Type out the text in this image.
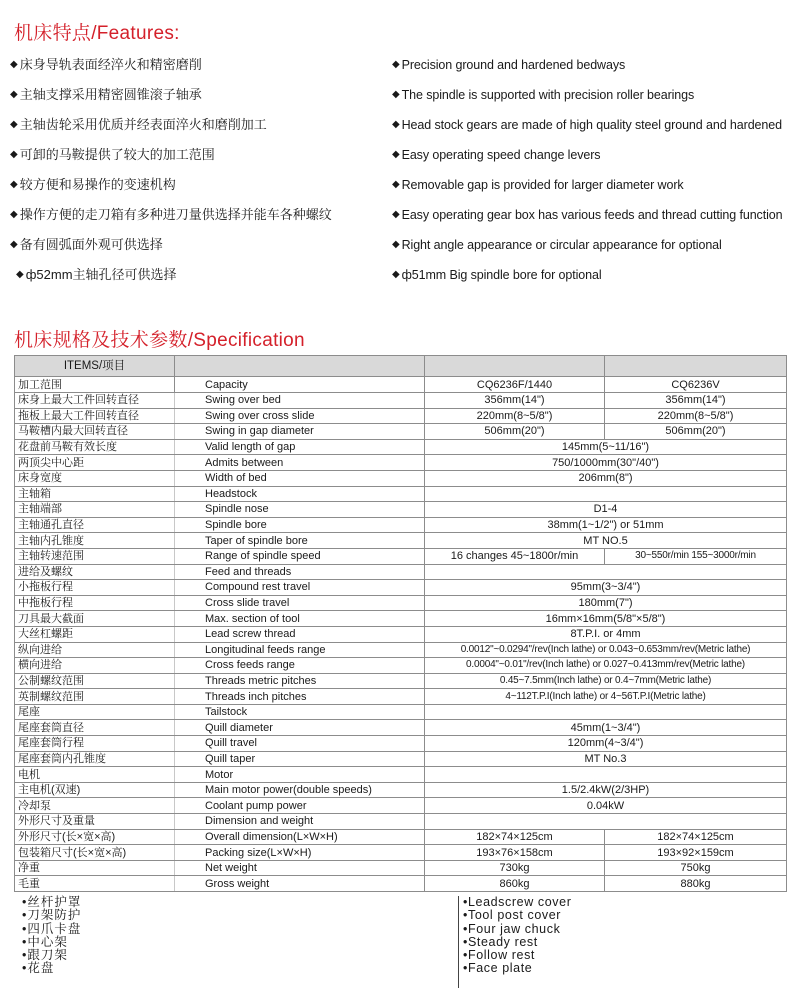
机床特点/Features:
◆ 床身导轨表面经淬火和精密磨削
◆ 主轴支撑采用精密圆锥滚子轴承
◆ 主轴齿轮采用优质并经表面淬火和磨削加工
◆ 可卸的马鞍提供了较大的加工范围
◆ 较方便和易操作的变速机构
◆ 操作方便的走刀箱有多种进刀量供选择并能车各种螺纹
◆ 备有圆弧面外观可供选择
◆ ф52mm主轴孔径可供选择
◆ Precision ground and hardened bedways
◆ The spindle is supported with precision roller bearings
◆ Head stock gears are made of high quality steel ground and hardened
◆ Easy operating speed change levers
◆ Removable gap is provided for larger diameter work
◆ Easy operating gear box has various feeds and thread cutting function
◆ Right angle appearance or circular appearance for optional
◆ ф51mm Big spindle bore for optional
机床规格及技术参数/Specification
ITEMS/项目			
加工范围	Capacity	CQ6236F/1440	CQ6236V
床身上最大工件回转直径	Swing over bed	356mm(14")	356mm(14")
拖板上最大工件回转直径	Swing over cross slide	220mm(8~5/8")	220mm(8~5/8")
马鞍槽内最大回转直径	Swing in gap diameter	506mm(20")	506mm(20")
花盘前马鞍有效长度	Valid length of gap	145mm(5~11/16")	
两顶尖中心距	Admits between	750/1000mm(30"/40")	
床身宽度	Width of bed	206mm(8")	
主轴箱	Headstock		
主轴端部	Spindle nose	D1-4	
主轴通孔直径	Spindle bore	38mm(1~1/2") or 51mm	
主轴内孔锥度	Taper of spindle bore	MT NO.5	
主轴转速范围	Range of spindle speed	16 changes 45~1800r/min	30~550r/min 155~3000r/min
进给及螺纹	Feed and threads		
小拖板行程	Compound rest travel	95mm(3~3/4")	
中拖板行程	Cross slide travel	180mm(7")	
刀具最大截面	Max. section of tool	16mm×16mm(5/8"×5/8")	
大丝杠螺距	Lead screw thread	8T.P.I. or 4mm	
纵向进给	Longitudinal feeds range	0.0012"~0.0294"/rev(Inch lathe) or 0.043~0.653mm/rev(Metric lathe)	
横向进给	Cross feeds range	0.0004"~0.01"/rev(Inch lathe) or 0.027~0.413mm/rev(Metric lathe)	
公制螺纹范围	Threads metric pitches	0.45~7.5mm(Inch lathe) or 0.4~7mm(Metric lathe)	
英制螺纹范围	Threads inch pitches	4~112T.P.I(Inch lathe) or 4~56T.P.I(Metric lathe)	
尾座	Tailstock		
尾座套筒直径	Quill diameter	45mm(1~3/4")	
尾座套筒行程	Quill travel	120mm(4~3/4")	
尾座套筒内孔锥度	Quill taper	MT No.3	
电机	Motor		
主电机(双速)	Main motor power(double speeds)	1.5/2.4kW(2/3HP)	
冷却泵	Coolant pump power	0.04kW	
外形尺寸及重量	Dimension and weight		
外形尺寸(长×宽×高)	Overall dimension(L×W×H)	182×74×125cm	182×74×125cm
包装箱尺寸(长×宽×高)	Packing size(L×W×H)	193×76×158cm	193×92×159cm
净重	Net weight	730kg	750kg
毛重	Gross weight	860kg	880kg
•丝杆护罩
•刀架防护
•四爪卡盘
•中心架
•跟刀架
•花盘
•Leadscrew cover
•Tool post cover
•Four jaw chuck
•Steady rest
•Follow rest
•Face plate
